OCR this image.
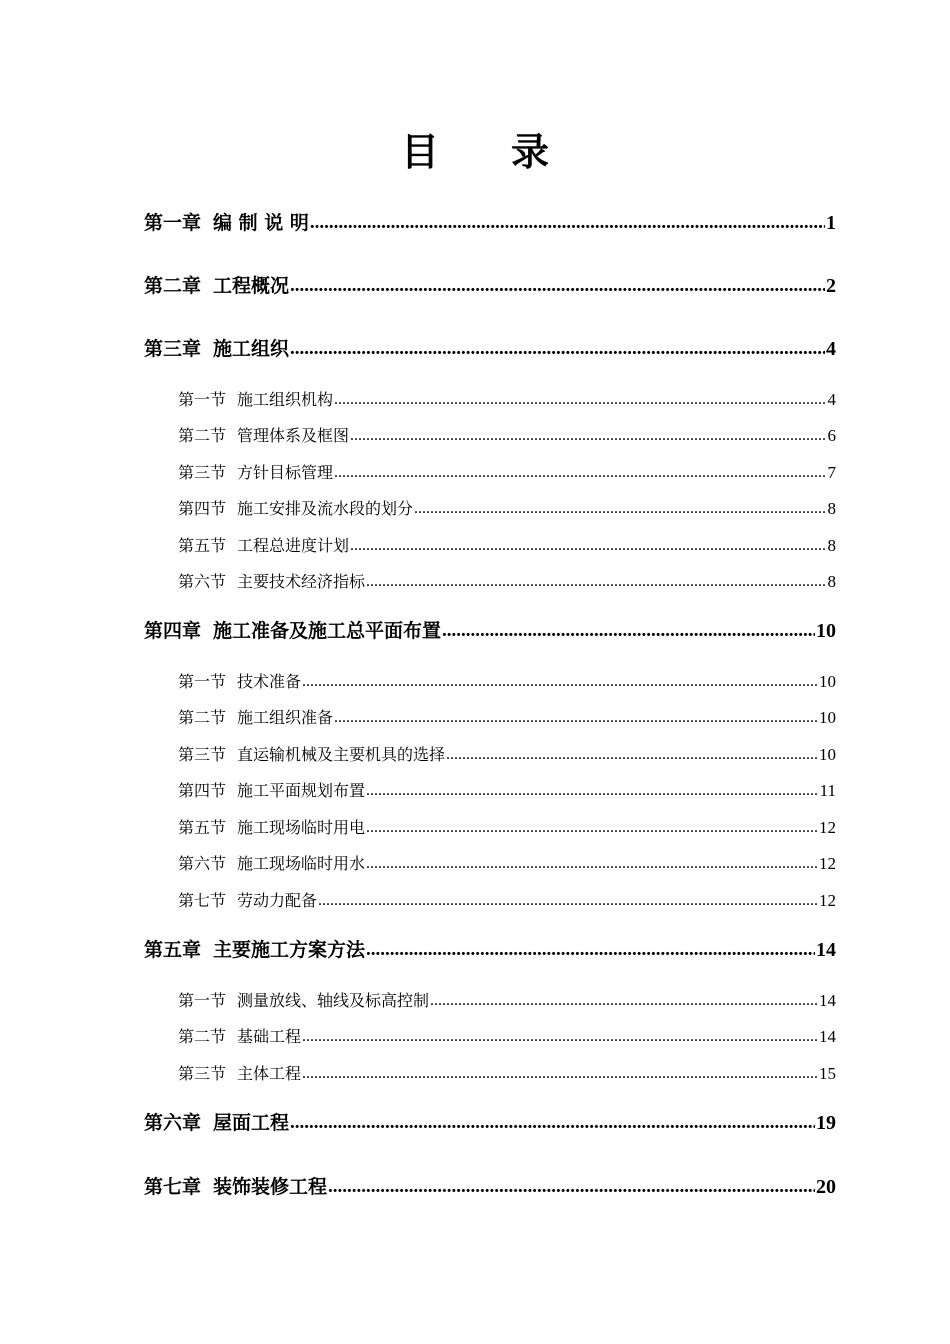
目 录
第一章 编 制 说 明 .....	1
第二章 工程概况 .....	2
第三章 施工组织 .....	4
第一节 施工组织机构 .....	4
第二节 管理体系及框图 .....	6
第三节 方针目标管理 .....	7
第四节 施工安排及流水段的划分 .....	8
第五节 工程总进度计划 .....	8
第六节 主要技术经济指标 .....	8
第四章 施工准备及施工总平面布置 .....	10
第一节 技术准备 .....	10
第二节 施工组织准备 .....	10
第三节 直运输机械及主要机具的选择 .....	10
第四节 施工平面规划布置 .....	11
第五节 施工现场临时用电 .....	12
第六节 施工现场临时用水 .....	12
第七节 劳动力配备 .....	12
第五章 主要施工方案方法 .....	14
第一节 测量放线、轴线及标高控制 .....	14
第二节 基础工程 .....	14
第三节 主体工程 .....	15
第六章 屋面工程 .....	19
第七章 装饰装修工程 .....	20
